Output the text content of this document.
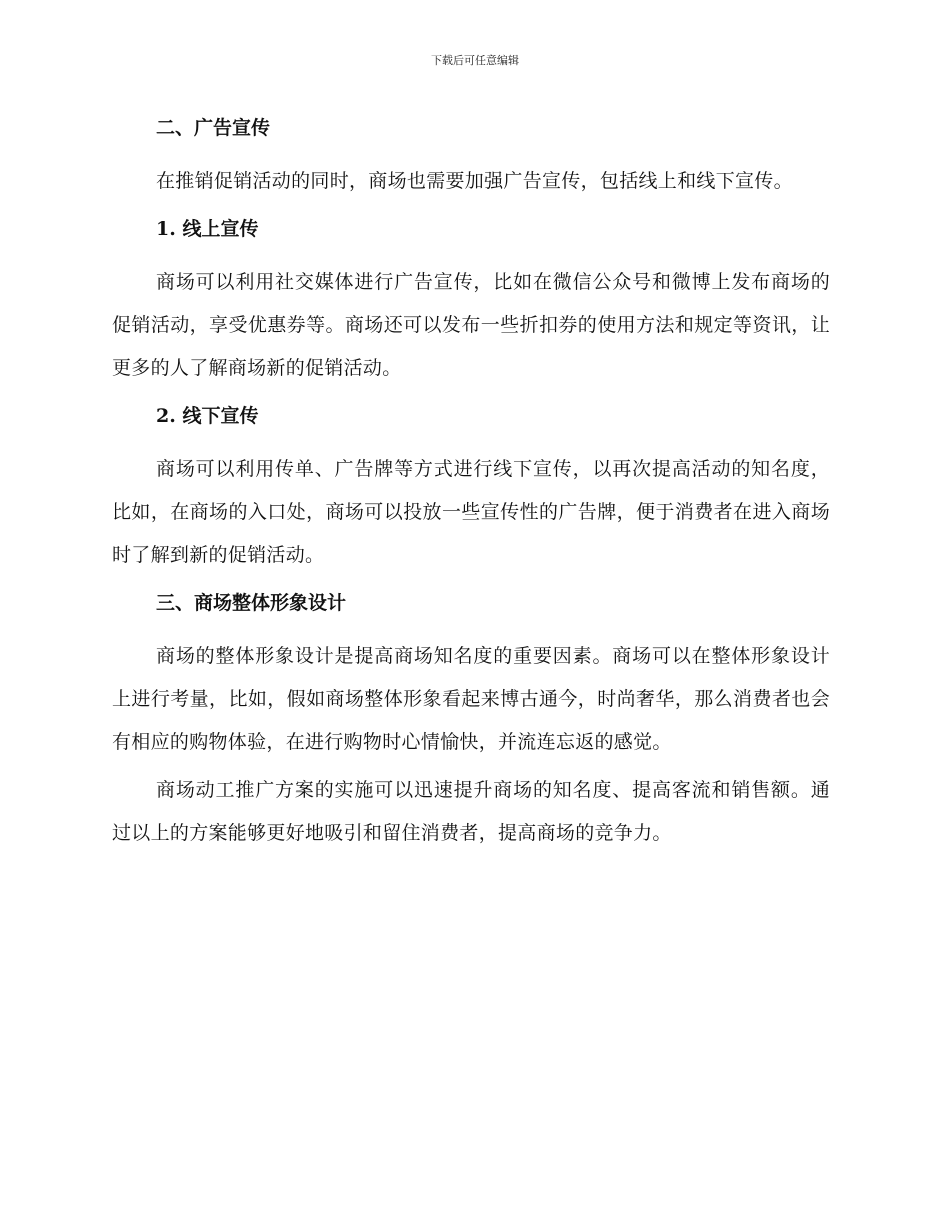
下载后可任意编辑

二、广告宣传

在推销促销活动的同时，商场也需要加强广告宣传，包括线上和线下宣传。

1. 线上宣传

商场可以利用社交媒体进行广告宣传，比如在微信公众号和微博上发布商场的促销活动，享受优惠券等。商场还可以发布一些折扣券的使用方法和规定等资讯，让更多的人了解商场新的促销活动。

2. 线下宣传

商场可以利用传单、广告牌等方式进行线下宣传，以再次提高活动的知名度，比如，在商场的入口处，商场可以投放一些宣传性的广告牌，便于消费者在进入商场时了解到新的促销活动。

三、商场整体形象设计

商场的整体形象设计是提高商场知名度的重要因素。商场可以在整体形象设计上进行考量，比如，假如商场整体形象看起来博古通今，时尚奢华，那么消费者也会有相应的购物体验，在进行购物时心情愉快，并流连忘返的感觉。

商场动工推广方案的实施可以迅速提升商场的知名度、提高客流和销售额。通过以上的方案能够更好地吸引和留住消费者，提高商场的竞争力。
